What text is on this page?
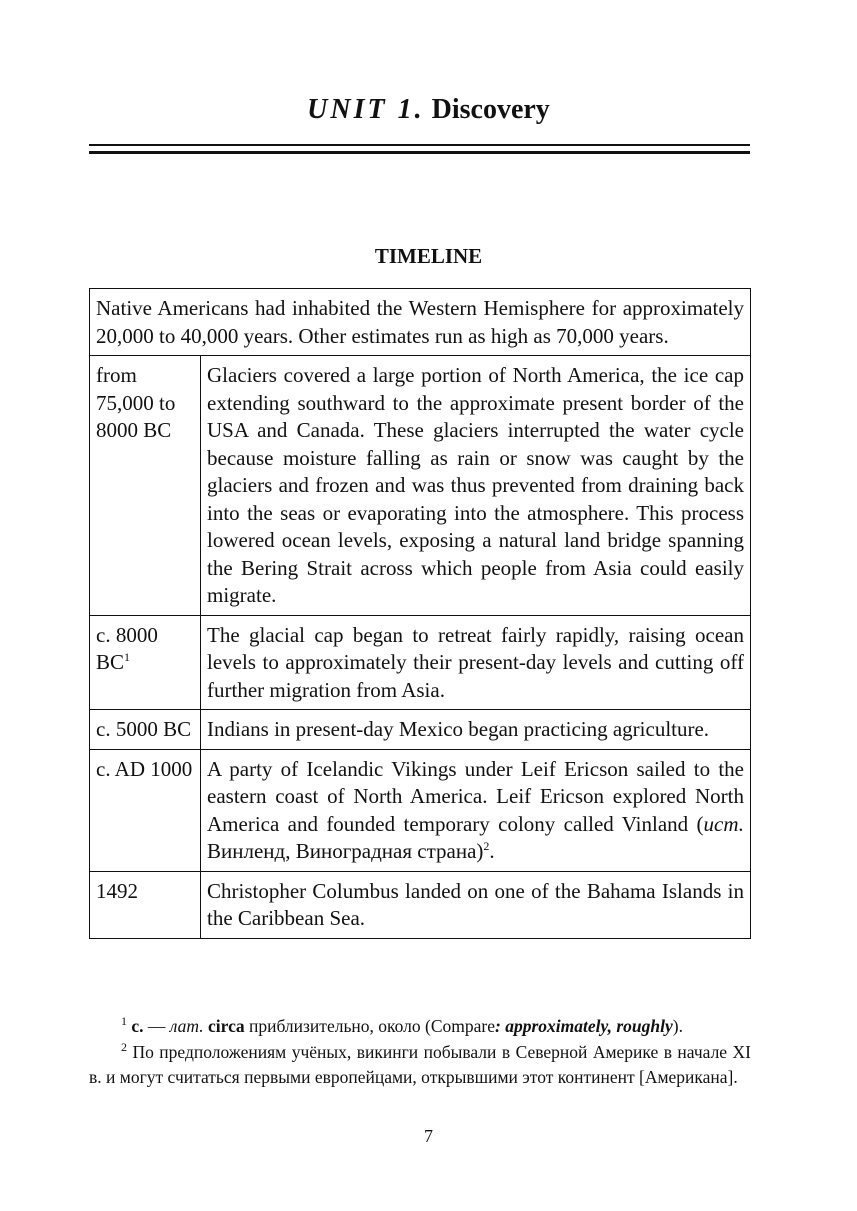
UNIT 1. Discovery
TIMELINE
Native Americans had inhabited the Western Hemisphere for approximately 20,000 to 40,000 years. Other estimates run as high as 70,000 years.	
from 75,000 to 8000 BC	Glaciers covered a large portion of North America, the ice cap extending southward to the approximate present border of the USA and Canada. These glaciers interrupted the water cycle because moisture falling as rain or snow was caught by the glaciers and frozen and was thus prevented from draining back into the seas or evaporating into the atmosphere. This process lowered ocean levels, exposing a natural land bridge spanning the Bering Strait across which people from Asia could easily migrate.
c. 8000 $BC^1$	The glacial cap began to retreat fairly rapidly, raising ocean levels to approximately their present-day levels and cutting off further migration from Asia.
c. 5000 BC	Indians in present-day Mexico began practicing agriculture.
c. AD 1000	A party of Icelandic Vikings under Leif Ericson sailed to the eastern coast of North America. Leif Ericson explored North America and founded temporary colony called Vinland (ист. Винленд, Виноградная страна)$^2$.
1492	Christopher Columbus landed on one of the Bahama Islands in the Caribbean Sea.

$^1$ c. — лат. circa приблизительно, около (Compare: approximately, roughly).

$^2$ По предположениям учёных, викинги побывали в Северной Америке в начале XI в. и могут считаться первыми европейцами, открывшими этот континент [Американа].

7
